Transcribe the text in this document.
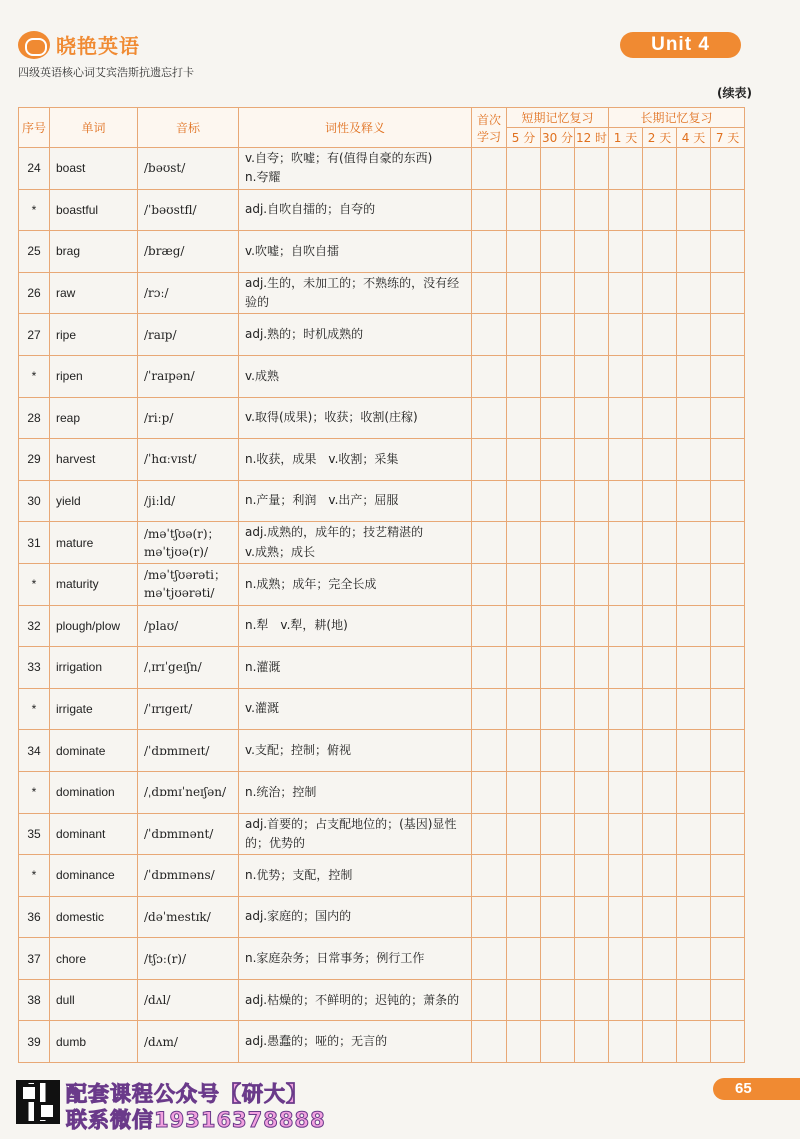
晓艳英语
四级英语核心词艾宾浩斯抗遗忘打卡
Unit 4
(续表)
序号	单词	音标	词性及释义	首次学习	短期记忆复习			长期记忆复习			
					5 分	30 分	12 时	1 天	2 天	4 天	7 天
24	boast	/bəʊst/	v.自夸；吹嘘；有(值得自豪的东西)
n.夸耀								
*	boastful	/ˈbəʊstfl/	adj.自吹自擂的；自夸的								
25	brag	/bræg/	v.吹嘘；自吹自擂								
26	raw	/rɔː/	adj.生的，未加工的；不熟练的，没有经验的								
27	ripe	/raɪp/	adj.熟的；时机成熟的								
*	ripen	/ˈraɪpən/	v.成熟								
28	reap	/riːp/	v.取得(成果)；收获；收割(庄稼)								
29	harvest	/ˈhɑːvɪst/	n.收获，成果　v.收割；采集								
30	yield	/jiːld/	n.产量；利润　v.出产；屈服								
31	mature	/məˈtʃʊə(r)；
məˈtjʊə(r)/	adj.成熟的，成年的；技艺精湛的
v.成熟；成长								
*	maturity	/məˈtʃʊərəti；
məˈtjʊərəti/	n.成熟；成年；完全长成								
32	plough/plow	/plaʊ/	n.犁　v.犁，耕(地)								
33	irrigation	/ˌɪrɪˈgeɪʃn/	n.灌溉								
*	irrigate	/ˈɪrɪgeɪt/	v.灌溉								
34	dominate	/ˈdɒmɪneɪt/	v.支配；控制；俯视								
*	domination	/ˌdɒmɪˈneɪʃən/	n.统治；控制								
35	dominant	/ˈdɒmɪnənt/	adj.首要的；占支配地位的；(基因)显性的；优势的								
*	dominance	/ˈdɒmɪnəns/	n.优势；支配，控制								
36	domestic	/dəˈmestɪk/	adj.家庭的；国内的								
37	chore	/tʃɔː(r)/	n.家庭杂务；日常事务；例行工作								
38	dull	/dʌl/	adj.枯燥的；不鲜明的；迟钝的；萧条的								
39	dumb	/dʌm/	adj.愚蠢的；哑的；无言的								
配套课程公众号【研大】
联系微信19316378888
65
